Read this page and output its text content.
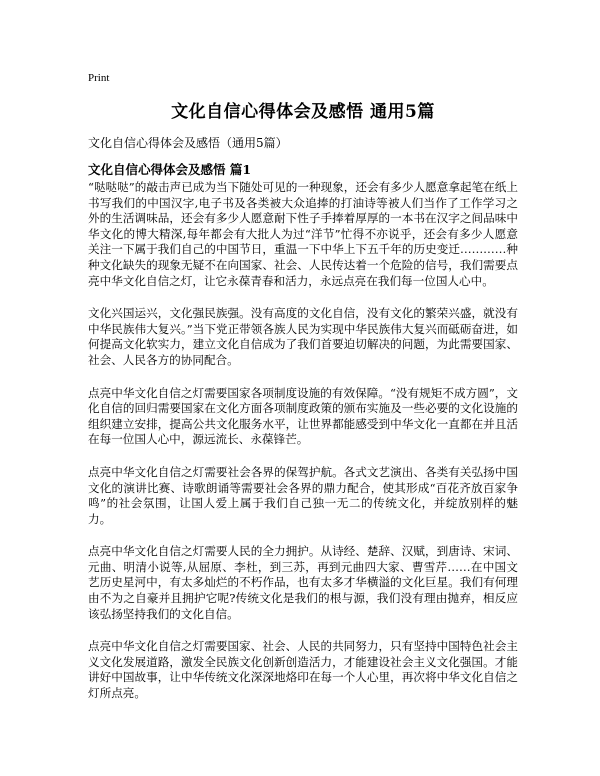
Print
文化自信心得体会及感悟 通用5篇
文化自信心得体会及感悟（通用5篇）
文化自信心得体会及感悟 篇1

“哒哒哒”的敲击声已成为当下随处可见的一种现象，还会有多少人愿意拿起笔在纸上书写我们的中国汉字,电子书及各类被大众追捧的打油诗等被人们当作了工作学习之外的生活调味品，还会有多少人愿意耐下性子手捧着厚厚的一本书在汉字之间品味中华文化的博大精深,每年都会有大批人为过“洋节”忙得不亦说乎，还会有多少人愿意关注一下属于我们自己的中国节日，重温一下中华上下五千年的历史变迁…………种 种文化缺失的现象无疑不在向国家、社会、人民传达着一个危险的信号，我们需要点亮中华文化自信之灯，让它永葆青春和活力，永远点亮在我们每一位国人心中。

文化兴国运兴，文化强民族强。没有高度的文化自信，没有文化的繁荣兴盛，就没有中华民族伟大复兴。”当下党正带领各族人民为实现中华民族伟大复兴而砥砺奋进，如何提高文化软实力，建立文化自信成为了我们首要迫切解决的问题，为此需要国家、社会、人民各方的协同配合。

点亮中华文化自信之灯需要国家各项制度设施的有效保障。“没有规矩不成方圆”，文化自信的回归需要国家在文化方面各项制度政策的颁布实施及一些必要的文化设施的组织建立安排，提高公共文化服务水平，让世界都能感受到中华文化一直都在并且活在每一位国人心中，源远流长、永葆锋芒。

点亮中华文化自信之灯需要社会各界的保驾护航。各式文艺演出、各类有关弘扬中国文化的演讲比赛、诗歌朗诵等需要社会各界的鼎力配合，使其形成“百花齐放百家争鸣”的社会氛围，让国人爱上属于我们自己独一无二的传统文化，并绽放别样的魅力。

点亮中华文化自信之灯需要人民的全力拥护。从诗经、楚辞、汉赋，到唐诗、宋词、元曲、明清小说等,从屈原、李杜，到三苏，再到元曲四大家、曹雪芹……在中国文艺历史星河中，有太多灿烂的不朽作品，也有太多才华横溢的文化巨星。我们有何理由不为之自豪并且拥护它呢?传统文化是我们的根与源，我们没有理由抛弃，相反应该弘扬坚持我们的文化自信。

点亮中华文化自信之灯需要国家、社会、人民的共同努力，只有坚持中国特色社会主义文化发展道路，激发全民族文化创新创造活力，才能建设社会主义文化强国。才能讲好中国故事，让中华传统文化深深地烙印在每一个人心里，再次将中华文化自信之灯所点亮。
